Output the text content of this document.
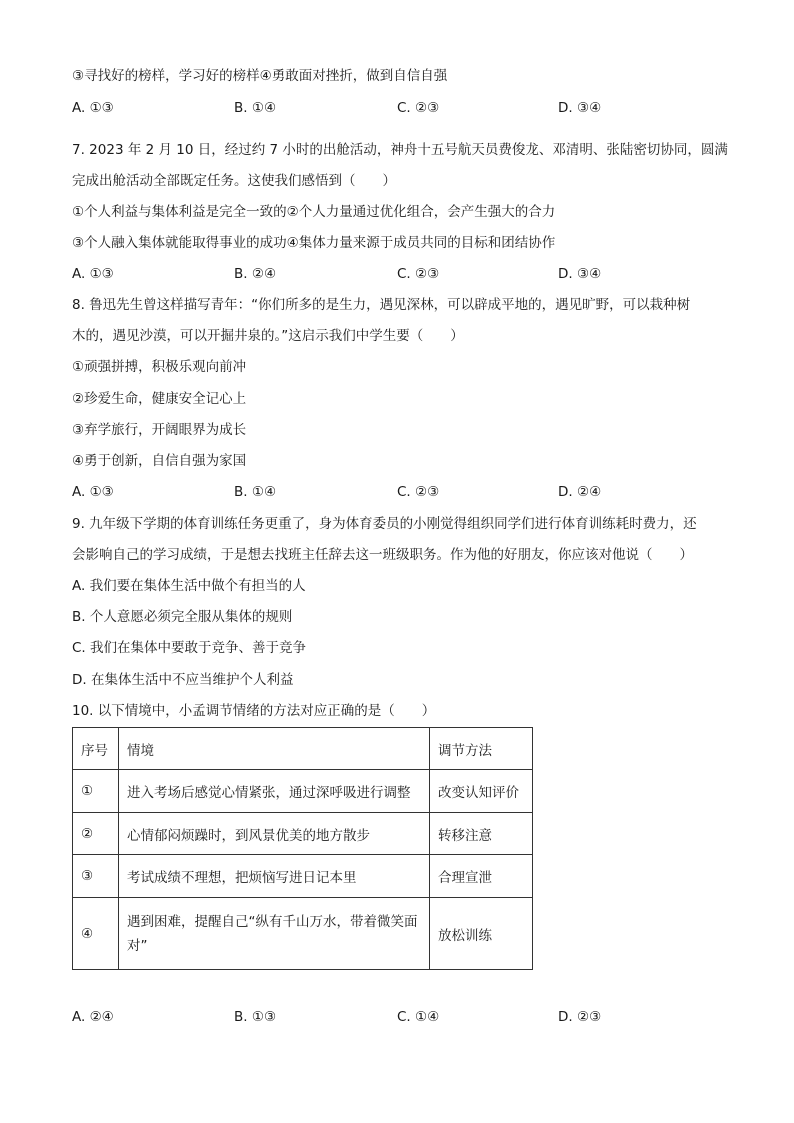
③寻找好的榜样，学习好的榜样④勇敢面对挫折，做到自信自强
A. ①③	B. ①④	C. ②③	D. ③④
7. 2023 年 2 月 10 日，经过约 7 小时的出舱活动，神舟十五号航天员费俊龙、邓清明、张陆密切协同，圆满
完成出舱活动全部既定任务。这使我们感悟到（　　）
①个人利益与集体利益是完全一致的②个人力量通过优化组合，会产生强大的合力
③个人融入集体就能取得事业的成功④集体力量来源于成员共同的目标和团结协作
A. ①③	B. ②④	C. ②③	D. ③④
8. 鲁迅先生曾这样描写青年：“你们所多的是生力，遇见深林，可以辟成平地的，遇见旷野，可以栽种树
木的，遇见沙漠，可以开掘井泉的。”这启示我们中学生要（　　）
①顽强拼搏，积极乐观向前冲
②珍爱生命，健康安全记心上
③弃学旅行，开阔眼界为成长
④勇于创新，自信自强为家国
A. ①③	B. ①④	C. ②③	D. ②④
9. 九年级下学期的体育训练任务更重了，身为体育委员的小刚觉得组织同学们进行体育训练耗时费力，还
会影响自己的学习成绩，于是想去找班主任辞去这一班级职务。作为他的好朋友，你应该对他说（　　）
A. 我们要在集体生活中做个有担当的人
B. 个人意愿必须完全服从集体的规则
C. 我们在集体中要敢于竞争、善于竞争
D. 在集体生活中不应当维护个人利益
10. 以下情境中，小孟调节情绪的方法对应正确的是（　　）
序号	情境	调节方法
①	进入考场后感觉心情紧张，通过深呼吸进行调整	改变认知评价
②	心情郁闷烦躁时，到风景优美的地方散步	转移注意
③	考试成绩不理想，把烦恼写进日记本里	合理宣泄
④	遇到困难，提醒自己“纵有千山万水，带着微笑面对”	放松训练
A. ②④	B. ①③	C. ①④	D. ②③
